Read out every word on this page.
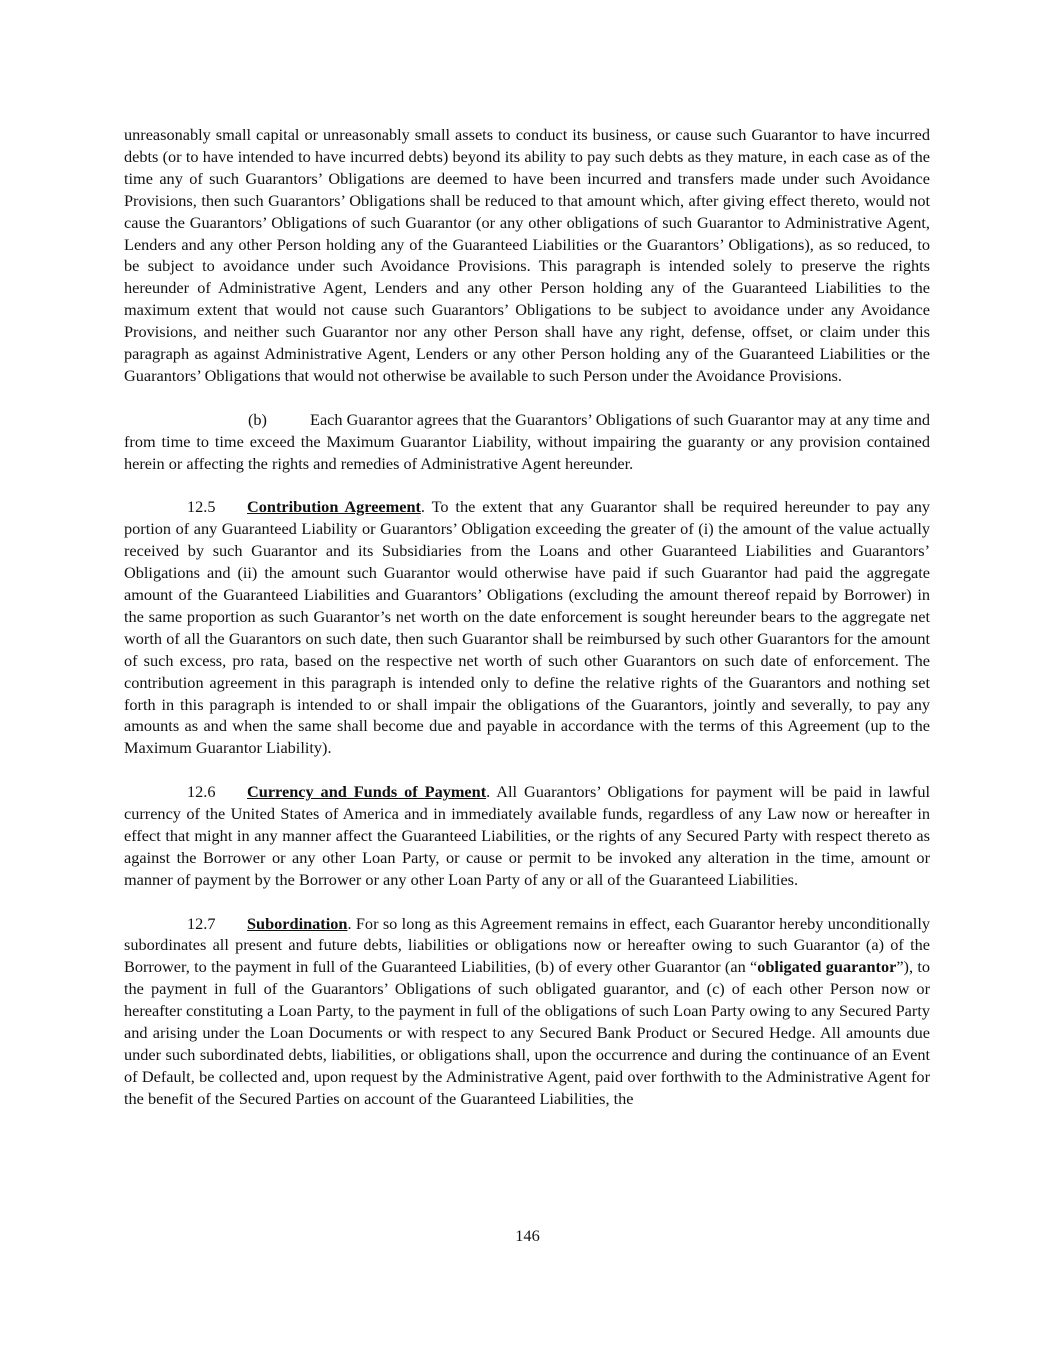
unreasonably small capital or unreasonably small assets to conduct its business, or cause such Guarantor to have incurred debts (or to have intended to have incurred debts) beyond its ability to pay such debts as they mature, in each case as of the time any of such Guarantors’ Obligations are deemed to have been incurred and transfers made under such Avoidance Provisions, then such Guarantors’ Obligations shall be reduced to that amount which, after giving effect thereto, would not cause the Guarantors’ Obligations of such Guarantor (or any other obligations of such Guarantor to Administrative Agent, Lenders and any other Person holding any of the Guaranteed Liabilities or the Guarantors’ Obligations), as so reduced, to be subject to avoidance under such Avoidance Provisions. This paragraph is intended solely to preserve the rights hereunder of Administrative Agent, Lenders and any other Person holding any of the Guaranteed Liabilities to the maximum extent that would not cause such Guarantors’ Obligations to be subject to avoidance under any Avoidance Provisions, and neither such Guarantor nor any other Person shall have any right, defense, offset, or claim under this paragraph as against Administrative Agent, Lenders or any other Person holding any of the Guaranteed Liabilities or the Guarantors’ Obligations that would not otherwise be available to such Person under the Avoidance Provisions.

(b)	Each Guarantor agrees that the Guarantors’ Obligations of such Guarantor may at any time and from time to time exceed the Maximum Guarantor Liability, without impairing the guaranty or any provision contained herein or affecting the rights and remedies of Administrative Agent hereunder.

12.5 Contribution Agreement. To the extent that any Guarantor shall be required hereunder to pay any portion of any Guaranteed Liability or Guarantors’ Obligation exceeding the greater of (i) the amount of the value actually received by such Guarantor and its Subsidiaries from the Loans and other Guaranteed Liabilities and Guarantors’ Obligations and (ii) the amount such Guarantor would otherwise have paid if such Guarantor had paid the aggregate amount of the Guaranteed Liabilities and Guarantors’ Obligations (excluding the amount thereof repaid by Borrower) in the same proportion as such Guarantor’s net worth on the date enforcement is sought hereunder bears to the aggregate net worth of all the Guarantors on such date, then such Guarantor shall be reimbursed by such other Guarantors for the amount of such excess, pro rata, based on the respective net worth of such other Guarantors on such date of enforcement. The contribution agreement in this paragraph is intended only to define the relative rights of the Guarantors and nothing set forth in this paragraph is intended to or shall impair the obligations of the Guarantors, jointly and severally, to pay any amounts as and when the same shall become due and payable in accordance with the terms of this Agreement (up to the Maximum Guarantor Liability).

12.6 Currency and Funds of Payment. All Guarantors’ Obligations for payment will be paid in lawful currency of the United States of America and in immediately available funds, regardless of any Law now or hereafter in effect that might in any manner affect the Guaranteed Liabilities, or the rights of any Secured Party with respect thereto as against the Borrower or any other Loan Party, or cause or permit to be invoked any alteration in the time, amount or manner of payment by the Borrower or any other Loan Party of any or all of the Guaranteed Liabilities.

12.7 Subordination. For so long as this Agreement remains in effect, each Guarantor hereby unconditionally subordinates all present and future debts, liabilities or obligations now or hereafter owing to such Guarantor (a) of the Borrower, to the payment in full of the Guaranteed Liabilities, (b) of every other Guarantor (an “obligated guarantor”), to the payment in full of the Guarantors’ Obligations of such obligated guarantor, and (c) of each other Person now or hereafter constituting a Loan Party, to the payment in full of the obligations of such Loan Party owing to any Secured Party and arising under the Loan Documents or with respect to any Secured Bank Product or Secured Hedge. All amounts due under such subordinated debts, liabilities, or obligations shall, upon the occurrence and during the continuance of an Event of Default, be collected and, upon request by the Administrative Agent, paid over forthwith to the Administrative Agent for the benefit of the Secured Parties on account of the Guaranteed Liabilities, the

146
